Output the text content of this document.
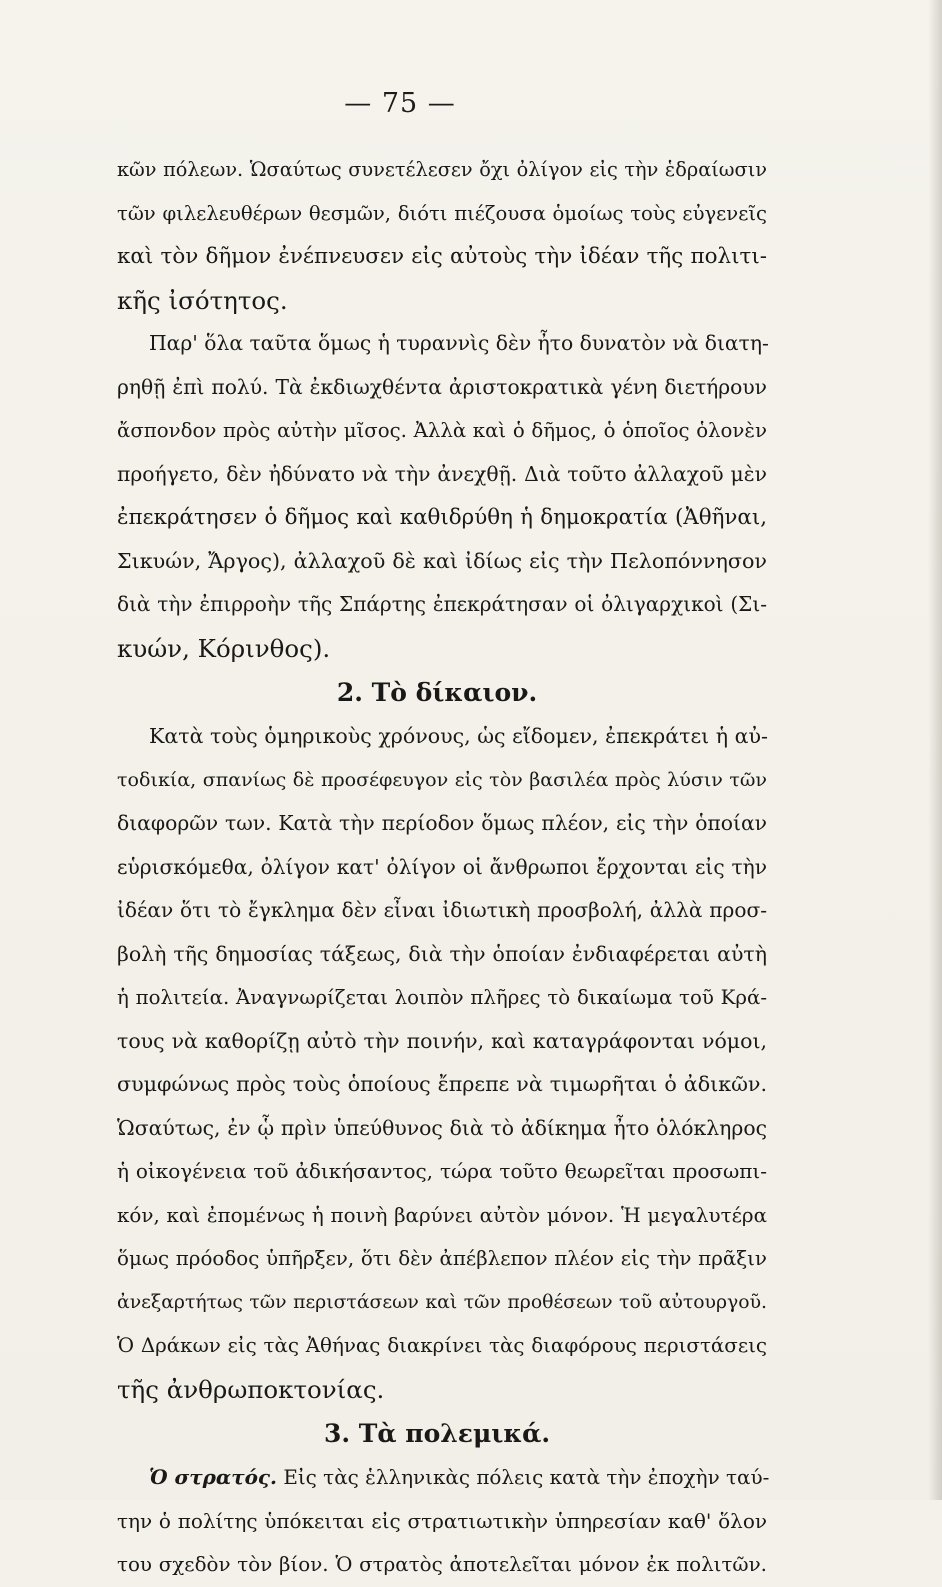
— 75 —
κῶν πόλεων. Ὡσαύτως συνετέλεσεν ὄχι ὀλίγον εἰς τὴν ἑδραίωσιν
τῶν φιλελευθέρων θεσμῶν, διότι πιέζουσα ὁμοίως τοὺς εὐγενεῖς
καὶ τὸν δῆμον ἐνέπνευσεν εἰς αὐτοὺς τὴν ἰδέαν τῆς πολιτι-
κῆς ἰσότητος.
Παρ' ὅλα ταῦτα ὅμως ἡ τυραννὶς δὲν ἦτο δυνατὸν νὰ διατη-
ρηθῇ ἐπὶ πολύ. Τὰ ἐκδιωχθέντα ἀριστοκρατικὰ γένη διετήρουν
ἄσπονδον πρὸς αὐτὴν μῖσος. Ἀλλὰ καὶ ὁ δῆμος, ὁ ὁποῖος ὁλονὲν
προήγετο, δὲν ἠδύνατο νὰ τὴν ἀνεχθῇ. Διὰ τοῦτο ἀλλαχοῦ μὲν
ἐπεκράτησεν ὁ δῆμος καὶ καθιδρύθη ἡ δημοκρατία (Ἀθῆναι,
Σικυών, Ἄργος), ἀλλαχοῦ δὲ καὶ ἰδίως εἰς τὴν Πελοπόννησον
διὰ τὴν ἐπιρροὴν τῆς Σπάρτης ἐπεκράτησαν οἱ ὀλιγαρχικοὶ (Σι-
κυών, Κόρινθος).
2. Τὸ δίκαιον.
Κατὰ τοὺς ὁμηρικοὺς χρόνους, ὡς εἴδομεν, ἐπεκράτει ἡ αὐ-
τοδικία, σπανίως δὲ προσέφευγον εἰς τὸν βασιλέα πρὸς λύσιν τῶν
διαφορῶν των. Κατὰ τὴν περίοδον ὅμως πλέον, εἰς τὴν ὁποίαν
εὑρισκόμεθα, ὀλίγον κατ' ὀλίγον οἱ ἄνθρωποι ἔρχονται εἰς τὴν
ἰδέαν ὅτι τὸ ἔγκλημα δὲν εἶναι ἰδιωτικὴ προσβολή, ἀλλὰ προσ-
βολὴ τῆς δημοσίας τάξεως, διὰ τὴν ὁποίαν ἐνδιαφέρεται αὐτὴ
ἡ πολιτεία. Ἀναγνωρίζεται λοιπὸν πλῆρες τὸ δικαίωμα τοῦ Κρά-
τους νὰ καθορίζῃ αὐτὸ τὴν ποινήν, καὶ καταγράφονται νόμοι,
συμφώνως πρὸς τοὺς ὁποίους ἔπρεπε νὰ τιμωρῆται ὁ ἀδικῶν.
Ὡσαύτως, ἐν ᾧ πρὶν ὑπεύθυνος διὰ τὸ ἀδίκημα ἦτο ὁλόκληρος
ἡ οἰκογένεια τοῦ ἀδικήσαντος, τώρα τοῦτο θεωρεῖται προσωπι-
κόν, καὶ ἐπομένως ἡ ποινὴ βαρύνει αὐτὸν μόνον. Ἡ μεγαλυτέρα
ὅμως πρόοδος ὑπῆρξεν, ὅτι δὲν ἀπέβλεπον πλέον εἰς τὴν πρᾶξιν
ἀνεξαρτήτως τῶν περιστάσεων καὶ τῶν προθέσεων τοῦ αὐτουργοῦ.
Ὁ Δράκων εἰς τὰς Ἀθήνας διακρίνει τὰς διαφόρους περιστάσεις
τῆς ἀνθρωποκτονίας.
3. Τὰ πολεμικά.
Ὁ στρατός. Εἰς τὰς ἑλληνικὰς πόλεις κατὰ τὴν ἐποχὴν ταύ-
την ὁ πολίτης ὑπόκειται εἰς στρατιωτικὴν ὑπηρεσίαν καθ' ὅλον
του σχεδὸν τὸν βίον. Ὁ στρατὸς ἀποτελεῖται μόνον ἐκ πολιτῶν.
